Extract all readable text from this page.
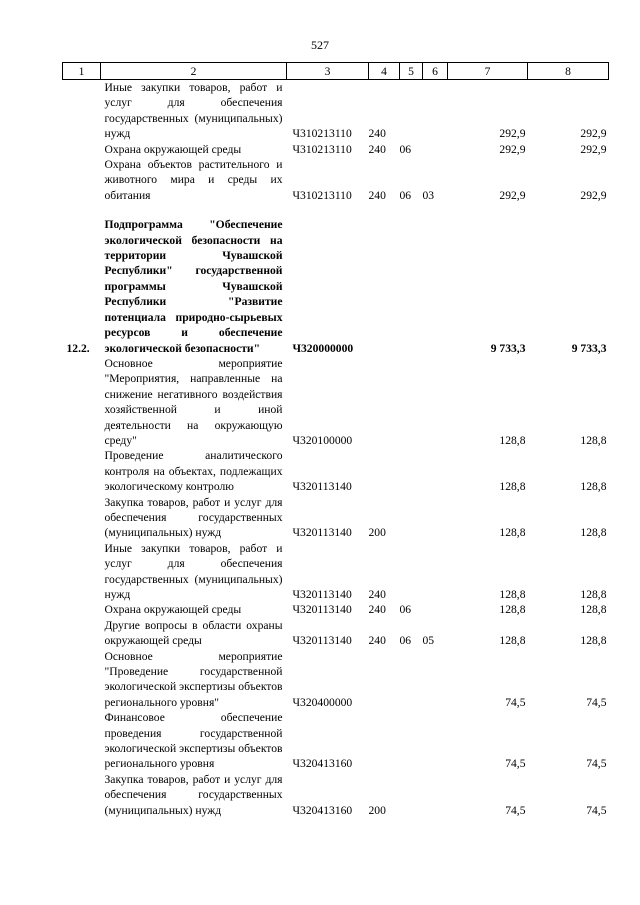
527
1	2	3	4	5	6	7	8
	Иные закупки товаров, работ и услуг для обеспечения государственных (муниципальных) нужд	Ч310213110	240			292,9	292,9
	Охрана окружающей среды	Ч310213110	240	06		292,9	292,9
	Охрана объектов растительного и животного мира и среды их обитания	Ч310213110	240	06	03	292,9	292,9

12.2.	Подпрограмма "Обеспечение экологической безопасности на территории Чувашской Республики" государственной программы Чувашской Республики "Развитие потенциала природно-сырьевых ресурсов и обеспечение экологической безопасности"	Ч320000000				9 733,3	9 733,3
	Основное мероприятие "Мероприятия, направленные на снижение негативного воздействия хозяйственной и иной деятельности на окружающую среду"	Ч320100000				128,8	128,8
	Проведение аналитического контроля на объектах, подлежащих экологическому контролю	Ч320113140				128,8	128,8
	Закупка товаров, работ и услуг для обеспечения государственных (муниципальных) нужд	Ч320113140	200			128,8	128,8
	Иные закупки товаров, работ и услуг для обеспечения государственных (муниципальных) нужд	Ч320113140	240			128,8	128,8
	Охрана окружающей среды	Ч320113140	240	06		128,8	128,8
	Другие вопросы в области охраны окружающей среды	Ч320113140	240	06	05	128,8	128,8
	Основное мероприятие "Проведение государственной экологической экспертизы объектов регионального уровня"	Ч320400000				74,5	74,5
	Финансовое обеспечение проведения государственной экологической экспертизы объектов регионального уровня	Ч320413160				74,5	74,5
	Закупка товаров, работ и услуг для обеспечения государственных (муниципальных) нужд	Ч320413160	200			74,5	74,5
